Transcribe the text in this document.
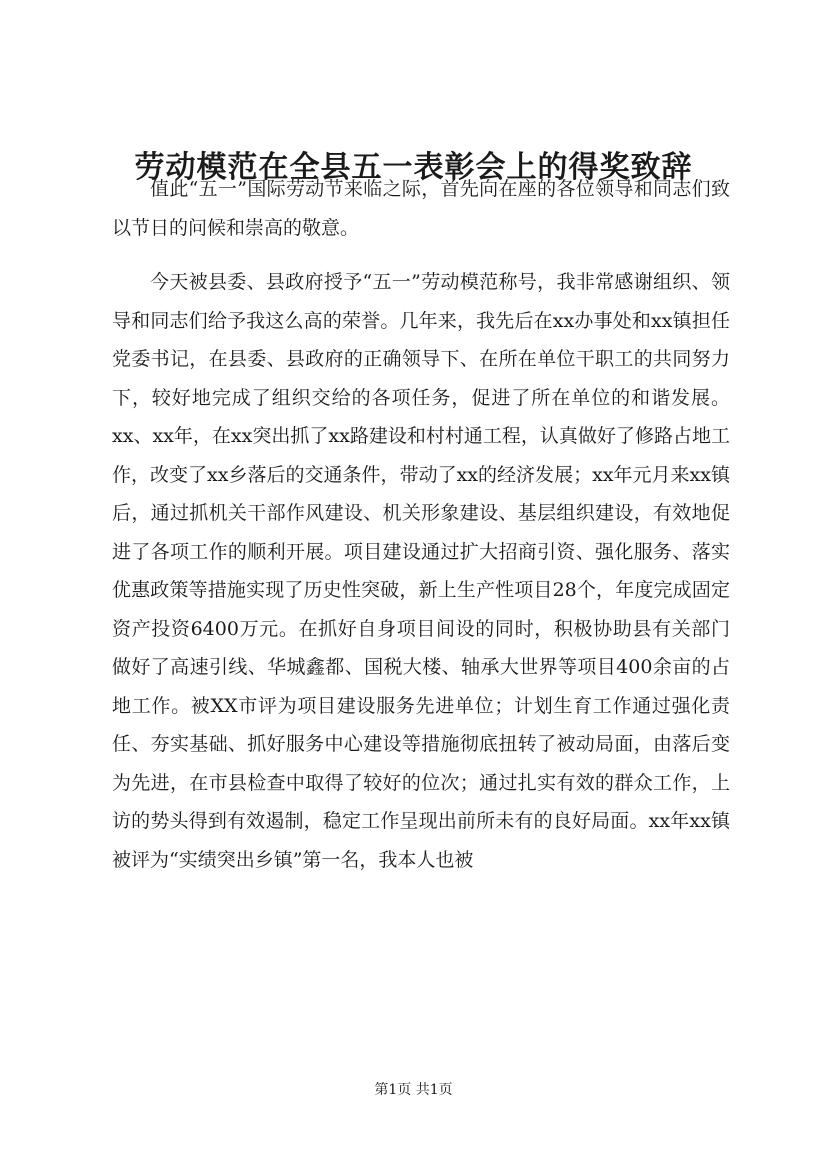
劳动模范在全县五一表彰会上的得奖致辞

值此“五一”国际劳动节来临之际，首先向在座的各位领导和同志们致以节日的问候和崇高的敬意。

今天被县委、县政府授予“五一”劳动模范称号，我非常感谢组织、领导和同志们给予我这么高的荣誉。几年来，我先后在xx办事处和xx镇担任党委书记，在县委、县政府的正确领导下、在所在单位干职工的共同努力下，较好地完成了组织交给的各项任务，促进了所在单位的和谐发展。xx、xx年，在xx突出抓了xx路建设和村村通工程，认真做好了修路占地工作，改变了xx乡落后的交通条件，带动了xx的经济发展；xx年元月来xx镇后，通过抓机关干部作风建设、机关形象建设、基层组织建设，有效地促进了各项工作的顺利开展。项目建设通过扩大招商引资、强化服务、落实优惠政策等措施实现了历史性突破，新上生产性项目28个，年度完成固定资产投资6400万元。在抓好自身项目间设的同时，积极协助县有关部门做好了高速引线、华城鑫都、国税大楼、轴承大世界等项目400余亩的占地工作。被XX市评为项目建设服务先进单位；计划生育工作通过强化责任、夯实基础、抓好服务中心建设等措施彻底扭转了被动局面，由落后变为先进，在市县检查中取得了较好的位次；通过扎实有效的群众工作，上访的势头得到有效遏制，稳定工作呈现出前所未有的良好局面。xx年xx镇被评为“实绩突出乡镇”第一名，我本人也被

第1页 共1页
